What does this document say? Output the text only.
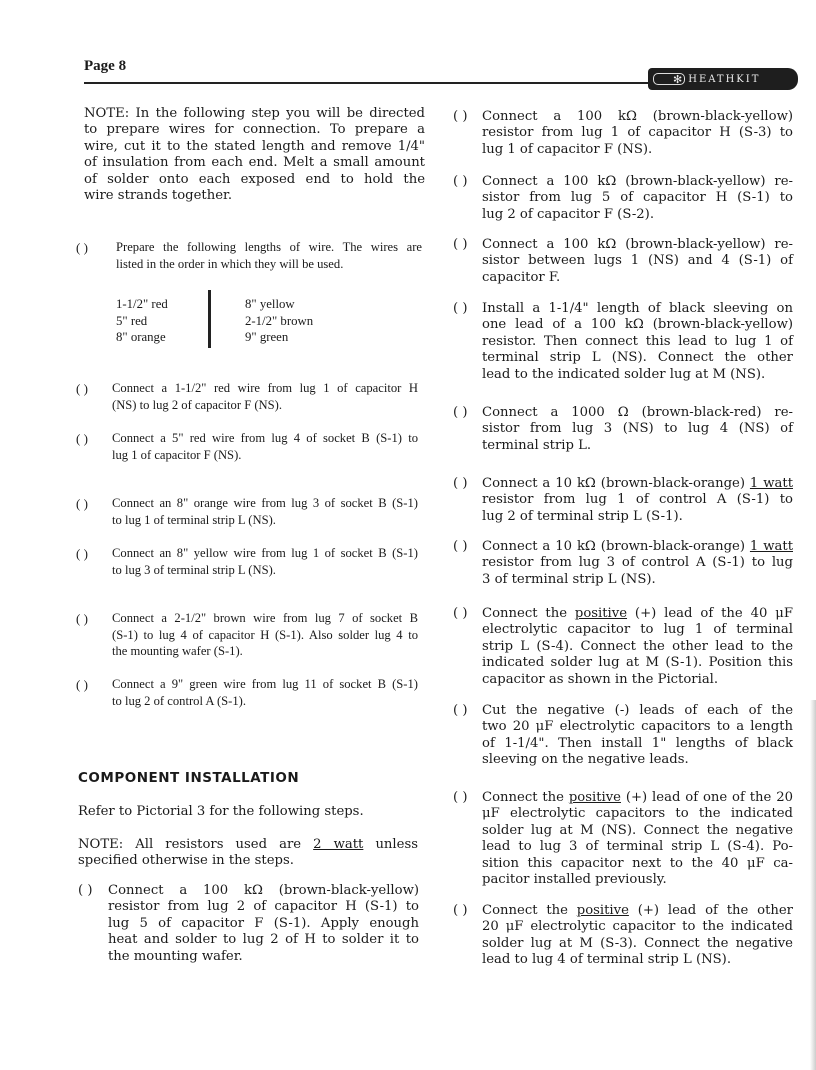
Page 8
✻ HEATHKIT
NOTE: In the following step you will be directed
to prepare wires for connection. To prepare a
wire, cut it to the stated length and remove 1/4"
of insulation from each end. Melt a small amount
of solder onto each exposed end to hold the
wire strands together.
( ) Prepare the following lengths of wire. The wires are
listed in the order in which they will be used.
1-1/2" red
5" red
8" orange
8" yellow
2-1/2" brown
9" green
( ) Connect a 1-1/2" red wire from lug 1 of capacitor H
(NS) to lug 2 of capacitor F (NS).
( ) Connect a 5" red wire from lug 4 of socket B (S-1) to
lug 1 of capacitor F (NS).
( ) Connect an 8" orange wire from lug 3 of socket B (S-1)
to lug 1 of terminal strip L (NS).
( ) Connect an 8" yellow wire from lug 1 of socket B (S-1)
to lug 3 of terminal strip L (NS).
( ) Connect a 2-1/2" brown wire from lug 7 of socket B
(S-1) to lug 4 of capacitor H (S-1). Also solder lug 4 to
the mounting wafer (S-1).
( ) Connect a 9" green wire from lug 11 of socket B (S-1)
to lug 2 of control A (S-1).
COMPONENT INSTALLATION
Refer to Pictorial 3 for the following steps.
NOTE: All resistors used are 2 watt unless
specified otherwise in the steps.
( ) Connect a 100 kΩ (brown-black-yellow)
resistor from lug 2 of capacitor H (S-1) to
lug 5 of capacitor F (S-1). Apply enough
heat and solder to lug 2 of H to solder it to
the mounting wafer.
( ) Connect a 100 kΩ (brown-black-yellow)
resistor from lug 1 of capacitor H (S-3) to
lug 1 of capacitor F (NS).
( ) Connect a 100 kΩ (brown-black-yellow) re-
sistor from lug 5 of capacitor H (S-1) to
lug 2 of capacitor F (S-2).
( ) Connect a 100 kΩ (brown-black-yellow) re-
sistor between lugs 1 (NS) and 4 (S-1) of
capacitor F.
( ) Install a 1-1/4" length of black sleeving on
one lead of a 100 kΩ (brown-black-yellow)
resistor. Then connect this lead to lug 1 of
terminal strip L (NS). Connect the other
lead to the indicated solder lug at M (NS).
( ) Connect a 1000 Ω (brown-black-red) re-
sistor from lug 3 (NS) to lug 4 (NS) of
terminal strip L.
( ) Connect a 10 kΩ (brown-black-orange) 1 watt
resistor from lug 1 of control A (S-1) to
lug 2 of terminal strip L (S-1).
( ) Connect a 10 kΩ (brown-black-orange) 1 watt
resistor from lug 3 of control A (S-1) to lug
3 of terminal strip L (NS).
( ) Connect the positive (+) lead of the 40 μF
electrolytic capacitor to lug 1 of terminal
strip L (S-4). Connect the other lead to the
indicated solder lug at M (S-1). Position this
capacitor as shown in the Pictorial.
( ) Cut the negative (-) leads of each of the
two 20 μF electrolytic capacitors to a length
of 1-1/4". Then install 1" lengths of black
sleeving on the negative leads.
( ) Connect the positive (+) lead of one of the 20
μF electrolytic capacitors to the indicated
solder lug at M (NS). Connect the negative
lead to lug 3 of terminal strip L (S-4). Po-
sition this capacitor next to the 40 μF ca-
pacitor installed previously.
( ) Connect the positive (+) lead of the other
20 μF electrolytic capacitor to the indicated
solder lug at M (S-3). Connect the negative
lead to lug 4 of terminal strip L (NS).
